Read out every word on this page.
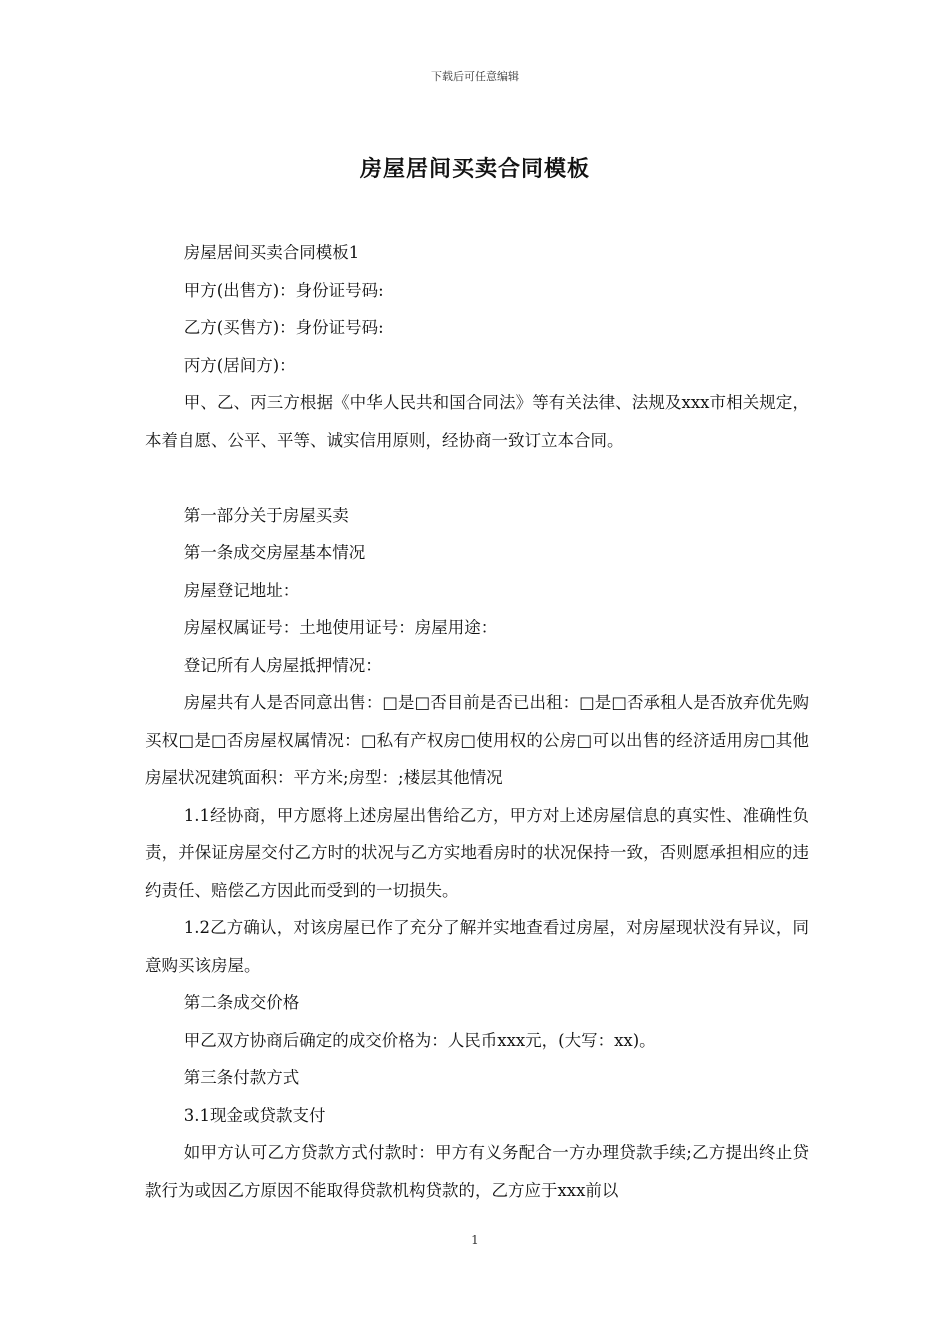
下载后可任意编辑
房屋居间买卖合同模板

房屋居间买卖合同模板1

甲方(出售方)：身份证号码:

乙方(买售方)：身份证号码:

丙方(居间方)：

甲、乙、丙三方根据《中华人民共和国合同法》等有关法律、法规及xxx市相关规定，本着自愿、公平、平等、诚实信用原则，经协商一致订立本合同。

第一部分关于房屋买卖

第一条成交房屋基本情况

房屋登记地址：

房屋权属证号：土地使用证号：房屋用途：

登记所有人房屋抵押情况：

房屋共有人是否同意出售：□是□否目前是否已出租：□是□否承租人是否放弃优先购买权□是□否房屋权属情况：□私有产权房□使用权的公房□可以出售的经济适用房□其他房屋状况建筑面积：平方米;房型：;楼层其他情况

1.1经协商，甲方愿将上述房屋出售给乙方，甲方对上述房屋信息的真实性、准确性负责，并保证房屋交付乙方时的状况与乙方实地看房时的状况保持一致，否则愿承担相应的违约责任、赔偿乙方因此而受到的一切损失。

1.2乙方确认，对该房屋已作了充分了解并实地查看过房屋，对房屋现状没有异议，同意购买该房屋。

第二条成交价格

甲乙双方协商后确定的成交价格为：人民币xxx元，(大写：xx)。

第三条付款方式

3.1现金或贷款支付

如甲方认可乙方贷款方式付款时：甲方有义务配合一方办理贷款手续;乙方提出终止贷款行为或因乙方原因不能取得贷款机构贷款的，乙方应于xxx前以

1
